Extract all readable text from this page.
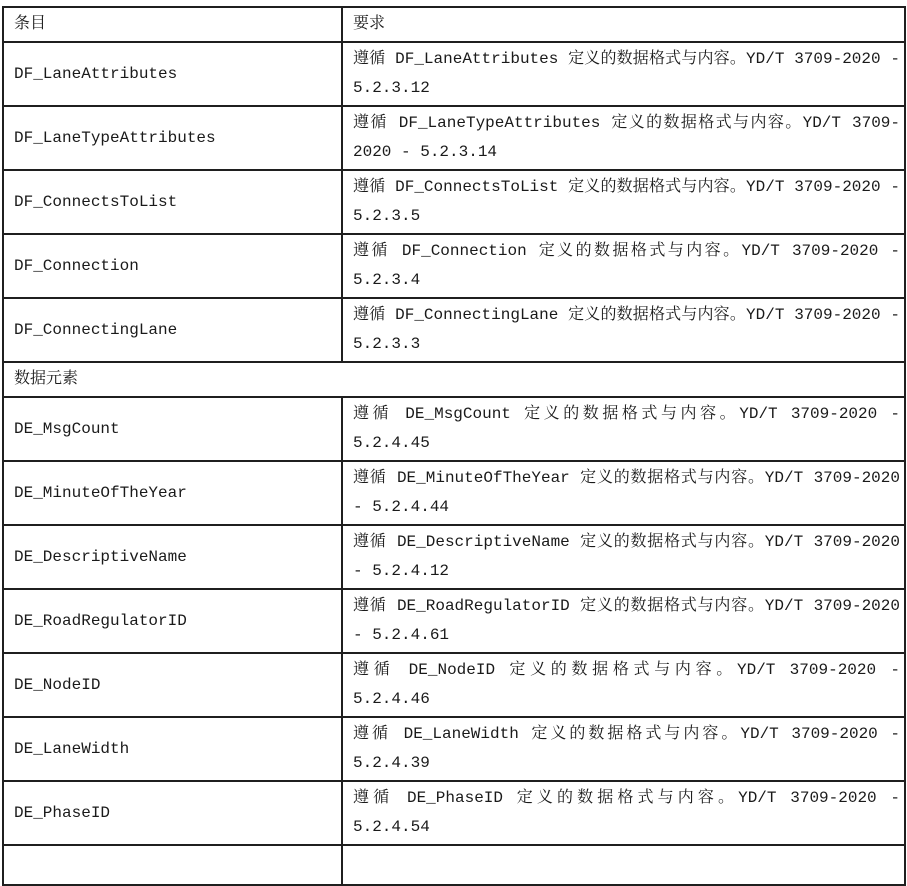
条目	要求
DF_LaneAttributes	遵循 DF_LaneAttributes 定义的数据格式与内容。YD/T 3709-2020 - 5.2.3.12
DF_LaneTypeAttributes	遵循 DF_LaneTypeAttributes 定义的数据格式与内容。YD/T 3709-2020 - 5.2.3.14
DF_ConnectsToList	遵循 DF_ConnectsToList 定义的数据格式与内容。YD/T 3709-2020 - 5.2.3.5
DF_Connection	遵循 DF_Connection 定义的数据格式与内容。YD/T 3709-2020 - 5.2.3.4
DF_ConnectingLane	遵循 DF_ConnectingLane 定义的数据格式与内容。YD/T 3709-2020 - 5.2.3.3
数据元素	
DE_MsgCount	遵循 DE_MsgCount 定义的数据格式与内容。YD/T 3709-2020 - 5.2.4.45
DE_MinuteOfTheYear	遵循 DE_MinuteOfTheYear 定义的数据格式与内容。YD/T 3709-2020 - 5.2.4.44
DE_DescriptiveName	遵循 DE_DescriptiveName 定义的数据格式与内容。YD/T 3709-2020 - 5.2.4.12
DE_RoadRegulatorID	遵循 DE_RoadRegulatorID 定义的数据格式与内容。YD/T 3709-2020 - 5.2.4.61
DE_NodeID	遵循 DE_NodeID 定义的数据格式与内容。YD/T 3709-2020 - 5.2.4.46
DE_LaneWidth	遵循 DE_LaneWidth 定义的数据格式与内容。YD/T 3709-2020 - 5.2.4.39
DE_PhaseID	遵循 DE_PhaseID 定义的数据格式与内容。YD/T 3709-2020 - 5.2.4.54
